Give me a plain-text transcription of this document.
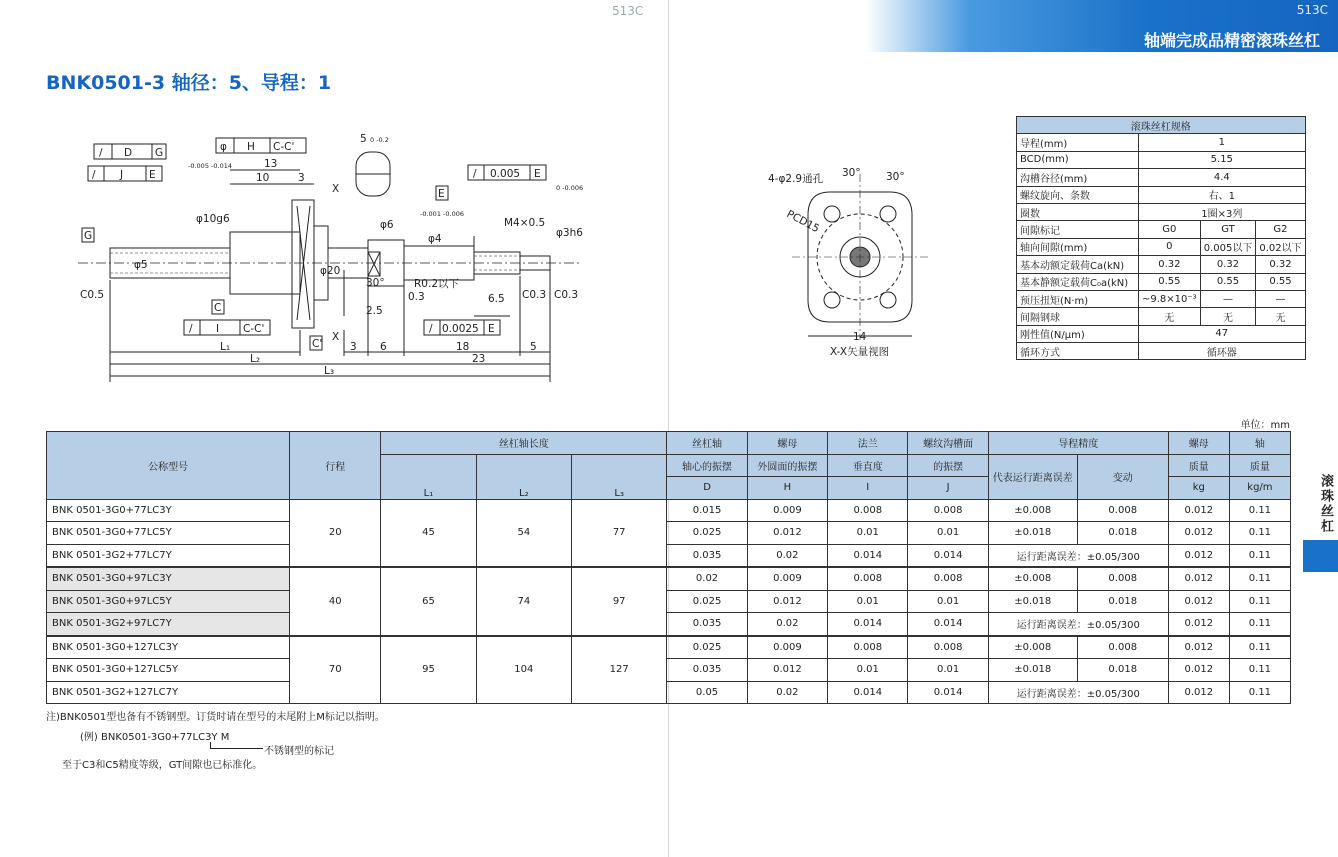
513C	513C
轴端完成品精密滚珠丝杠
BNK0501-3 轴径：5、导程：1
/ D G
/ J E
φ H C-C'
/ I C-C'
/ 0.005 E
/ 0.0025 E
G
C
C'
E
13
10	3
5 0 -0.2
φ6
φ4
-0.001 -0.006
φ3h6
0 -0.006
φ10g6
-0.005 -0.014
φ5	φ20
M4×0.5
X
X
C0.5	C0.3 C0.3
R0.2以下
0.3	6.5
30°
2.5
L₁
L₂
L₃
3 6	18	5
23
4-φ2.9通孔 30° 30°
PCD15
14
X-X矢量视图
滚珠丝杠规格			
导程(mm)	1		
BCD(mm)	5.15		
沟槽谷径(mm)	4.4		
螺纹旋向、条数	右、1		
圈数	1圈×3列		
间隙标记	G0	GT	G2
轴向间隙(mm)	0	0.005以下	0.02以下
基本动额定载荷Ca(kN)	0.32	0.32	0.32
基本静额定载荷C₀a(kN)	0.55	0.55	0.55
预压扭矩(N·m)	~9.8×10⁻³	—	—
间隔钢球	无	无	无
刚性值(N/μm)	47		
循环方式	循环器		
单位：mm
公称型号	行程	丝杠轴长度			丝杠轴	螺母	法兰	螺纹沟槽面	导程精度		螺母	轴
		L₁	L₂	L₃	轴心的振摆	外圆面的振摆	垂直度	的振摆	代表运行距离误差	变动	质量	质量
					D	H	I	J			kg	kg/m
BNK 0501-3G0+77LC3Y	20	45	54	77	0.015	0.009	0.008	0.008	±0.008	0.008	0.012	0.11
BNK 0501-3G0+77LC5Y					0.025	0.012	0.01	0.01	±0.018	0.018	0.012	0.11
BNK 0501-3G2+77LC7Y					0.035	0.02	0.014	0.014	运行距离误差：±0.05/300		0.012	0.11
BNK 0501-3G0+97LC3Y	40	65	74	97	0.02	0.009	0.008	0.008	±0.008	0.008	0.012	0.11
BNK 0501-3G0+97LC5Y					0.025	0.012	0.01	0.01	±0.018	0.018	0.012	0.11
BNK 0501-3G2+97LC7Y					0.035	0.02	0.014	0.014	运行距离误差：±0.05/300		0.012	0.11
BNK 0501-3G0+127LC3Y	70	95	104	127	0.025	0.009	0.008	0.008	±0.008	0.008	0.012	0.11
BNK 0501-3G0+127LC5Y					0.035	0.012	0.01	0.01	±0.018	0.018	0.012	0.11
BNK 0501-3G2+127LC7Y					0.05	0.02	0.014	0.014	运行距离误差：±0.05/300		0.012	0.11
滚珠丝杠
注)BNK0501型也备有不锈钢型。订货时请在型号的末尾附上M标记以指明。
(例) BNK0501-3G0+77LC3Y M
不锈钢型的标记
至于C3和C5精度等级，GT间隙也已标准化。
